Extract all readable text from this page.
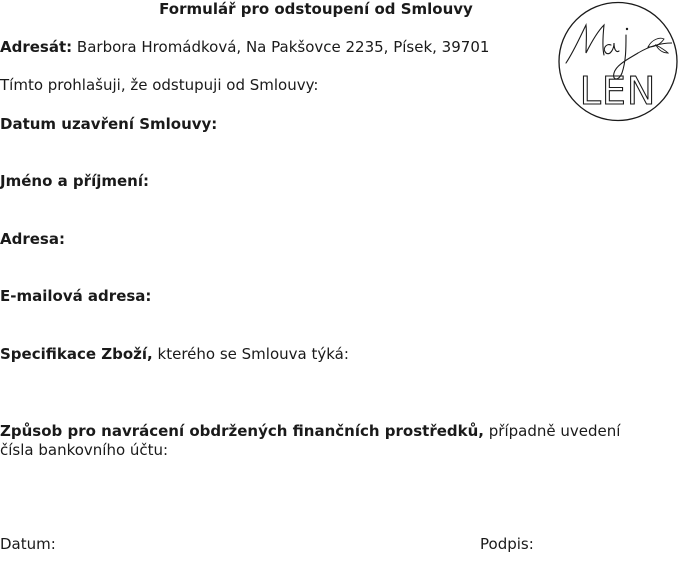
Formulář pro odstoupení od Smlouvy
Adresát: Barbora Hromádková, Na Pakšovce 2235, Písek, 39701
Tímto prohlašuji, že odstupuji od Smlouvy:
Datum uzavření Smlouvy:
Jméno a příjmení:
Adresa:
E-mailová adresa:
Specifikace Zboží, kterého se Smlouva týká:
Způsob pro navrácení obdržených finančních prostředků, případně uvedení čísla bankovního účtu:
Datum:	Podpis:
LEN
